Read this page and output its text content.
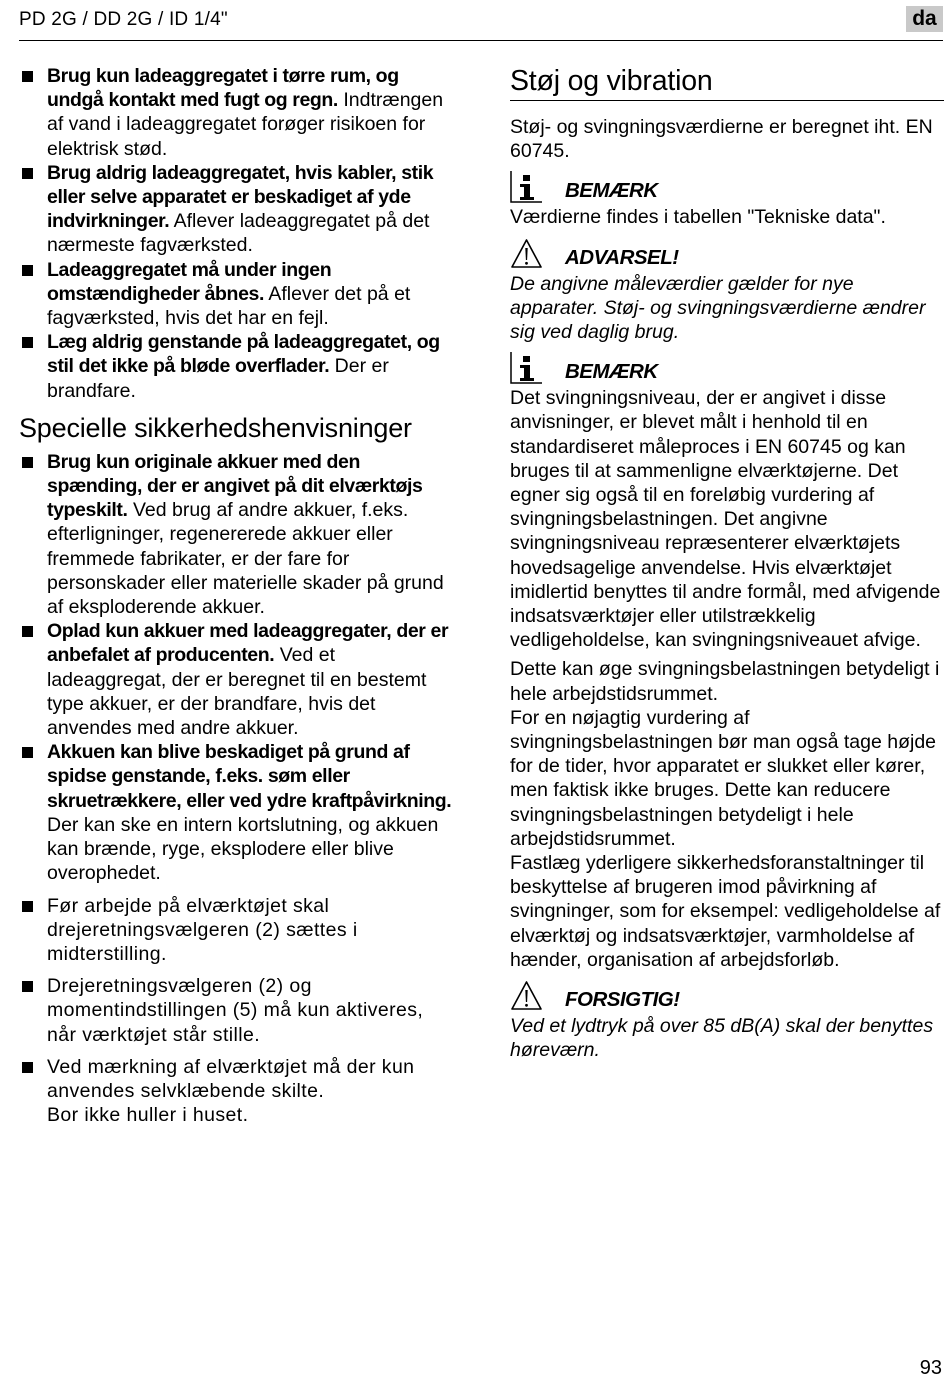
PD 2G / DD 2G / ID 1/4"	da
Brug kun ladeaggregatet i tørre rum, og undgå kontakt med fugt og regn. Indtrængen af vand i ladeaggregatet forøger risikoen for elektrisk stød.
Brug aldrig ladeaggregatet, hvis kabler, stik eller selve apparatet er beskadiget af yde indvirkninger. Aflever ladeaggregatet på det nærmeste fagværksted.
Ladeaggregatet må under ingen omstændigheder åbnes. Aflever det på et fagværksted, hvis det har en fejl.
Læg aldrig genstande på ladeaggregatet, og stil det ikke på bløde overflader. Der er brandfare.
Specielle sikkerhedshenvisninger
Brug kun originale akkuer med den spænding, der er angivet på dit elværktøjs typeskilt. Ved brug af andre akkuer, f.eks. efterligninger, regenererede akkuer eller fremmede fabrikater, er der fare for personskader eller materielle skader på grund af eksploderende akkuer.
Oplad kun akkuer med ladeaggregater, der er anbefalet af producenten. Ved et ladeaggregat, der er beregnet til en bestemt type akkuer, er der brandfare, hvis det anvendes med andre akkuer.
Akkuen kan blive beskadiget på grund af spidse genstande, f.eks. søm eller skruetrækkere, eller ved ydre kraftpåvirkning. Der kan ske en intern kortslutning, og akkuen kan brænde, ryge, eksplodere eller blive overophedet.
Før arbejde på elværktøjet skal drejeretningsvælgeren (2) sættes i midterstilling.
Drejeretningsvælgeren (2) og momentindstillingen (5) må kun aktiveres, når værktøjet står stille.
Ved mærkning af elværktøjet må der kun anvendes selvklæbende skilte.
Bor ikke huller i huset.
Støj og vibration

Støj- og svingningsværdierne er beregnet iht. EN 60745.

BEMÆRK

Værdierne findes i tabellen "Tekniske data".

ADVARSEL!

De angivne måleværdier gælder for nye apparater. Støj- og svingningsværdierne ændrer sig ved daglig brug.

BEMÆRK

Det svingningsniveau, der er angivet i disse anvisninger, er blevet målt i henhold til en standardiseret måleproces i EN 60745 og kan bruges til at sammenligne elværktøjerne. Det egner sig også til en foreløbig vurdering af svingningsbelastningen. Det angivne svingningsniveau repræsenterer elværktøjets hovedsagelige anvendelse. Hvis elværktøjet imidlertid benyttes til andre formål, med afvigende indsatsværktøjer eller utilstrækkelig vedligeholdelse, kan svingningsniveauet afvige.

Dette kan øge svingningsbelastningen betydeligt i hele arbejdstidsrummet.

For en nøjagtig vurdering af svingningsbelastningen bør man også tage højde for de tider, hvor apparatet er slukket eller kører, men faktisk ikke bruges. Dette kan reducere svingningsbelastningen betydeligt i hele arbejdstidsrummet.

Fastlæg yderligere sikkerhedsforanstaltninger til beskyttelse af brugeren imod påvirkning af svingninger, som for eksempel: vedligeholdelse af elværktøj og indsatsværktøjer, varmholdelse af hænder, organisation af arbejdsforløb.

FORSIGTIG!

Ved et lydtryk på over 85 dB(A) skal der benyttes høreværn.

93
